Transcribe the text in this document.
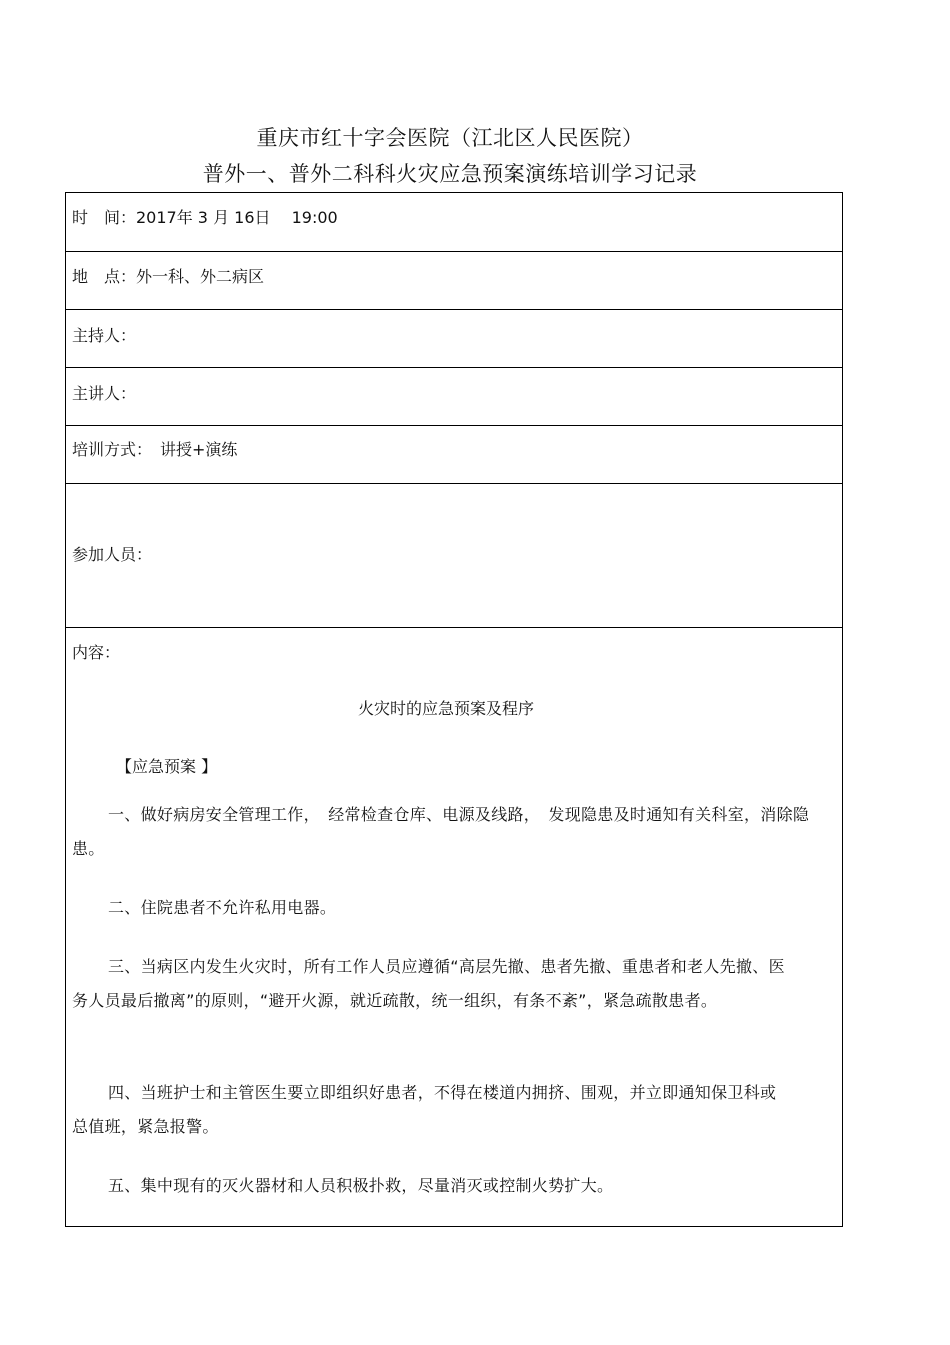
重庆市红十字会医院（江北区人民医院）
普外一、普外二科科火灾应急预案演练培训学习记录
时　间：2017年 3 月 16日　 19:00
地　点：外一科、外二病区
主持人：
主讲人：
培训方式：　讲授+演练
参加人员：
内容：
火灾时的应急预案及程序
【应急预案 】
一、做好病房安全管理工作，　经常检查仓库、电源及线路，　发现隐患及时通知有关科室，消除隐患。
二、住院患者不允许私用电器。
三、当病区内发生火灾时，所有工作人员应遵循“高层先撤、患者先撤、重患者和老人先撤、医务人员最后撤离”的原则，“避开火源，就近疏散，统一组织，有条不紊”，紧急疏散患者。
四、当班护士和主管医生要立即组织好患者，不得在楼道内拥挤、围观，并立即通知保卫科或总值班，紧急报警。
五、集中现有的灭火器材和人员积极扑救，尽量消灭或控制火势扩大。
